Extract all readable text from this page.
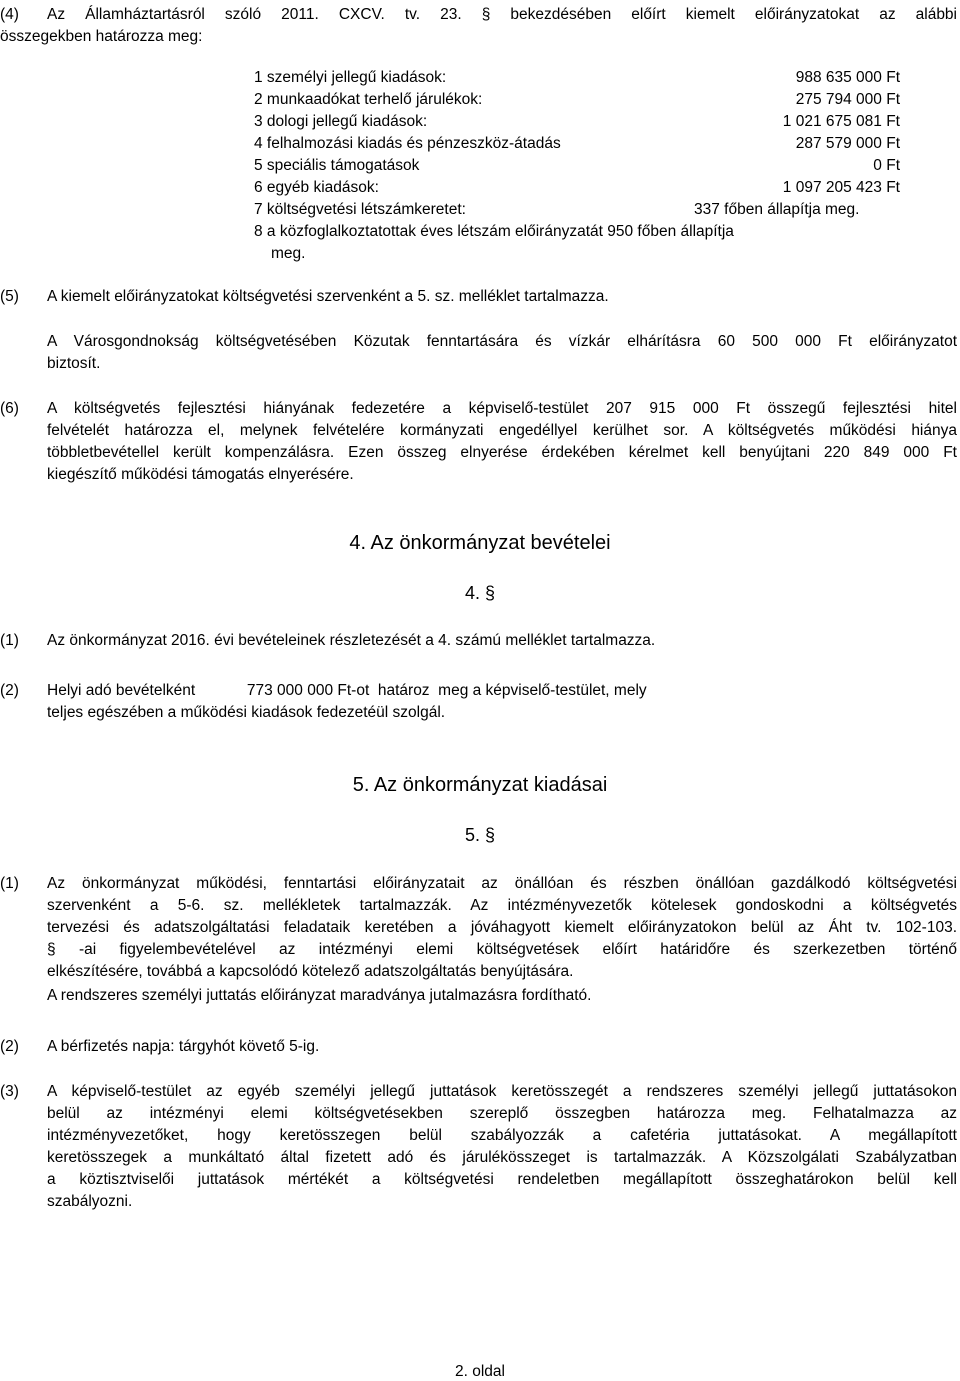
(4) Az Államháztartásról szóló 2011. CXCV. tv. 23. § bekezdésében előírt kiemelt előirányzatokat az alábbi
összegekben határozza meg:
1 személyi jellegű kiadások:	988 635 000 Ft
2 munkaadókat terhelő járulékok:	275 794 000 Ft
3 dologi jellegű kiadások:	1 021 675 081 Ft
4 felhalmozási kiadás és pénzeszköz-átadás	287 579 000 Ft
5 speciális támogatások	0 Ft
6 egyéb kiadások:	1 097 205 423 Ft
7 költségvetési létszámkeretet:	337 főben állapítja meg.
8 a közfoglalkoztatottak éves létszám előirányzatát 950 főben állapítja
meg.
(5) A kiemelt előirányzatokat költségvetési szervenként a 5. sz. melléklet tartalmazza.
A Városgondnokság költségvetésében Közutak fenntartására és vízkár elhárításra 60 500 000 Ft előirányzatot
biztosít.
(6) A költségvetés fejlesztési hiányának fedezetére a képviselő-testület 207 915 000 Ft összegű fejlesztési hitel
felvételét határozza el, melynek felvételére kormányzati engedéllyel kerülhet sor. A költségvetés működési hiánya
többletbevétellel került kompenzálásra. Ezen összeg elnyerése érdekében kérelmet kell benyújtani 220 849 000 Ft
kiegészítő működési támogatás elnyerésére.
4. Az önkormányzat bevételei
4. §
(1) Az önkormányzat 2016. évi bevételeinek részletezését a 4. számú melléklet tartalmazza.
(2) Helyi adó bevételként            773 000 000 Ft-ot  határoz  meg a képviselő-testület, mely
teljes egészében a működési kiadások fedezetéül szolgál.
5. Az önkormányzat kiadásai
5. §
(1) Az önkormányzat működési, fenntartási előirányzatait az önállóan és részben önállóan gazdálkodó költségvetési
szervenként a 5-6. sz. mellékletek tartalmazzák. Az intézményvezetők kötelesek gondoskodni a költségvetés
tervezési és adatszolgáltatási feladataik keretében a jóváhagyott kiemelt előirányzatokon belül az Áht tv. 102-103.
§ -ai figyelembevételével az intézményi elemi költségvetések előírt határidőre és szerkezetben történő
elkészítésére, továbbá a kapcsolódó kötelező adatszolgáltatás benyújtására.
A rendszeres személyi juttatás előirányzat maradványa jutalmazásra fordítható.
(2) A bérfizetés napja: tárgyhót követő 5-ig.
(3) A képviselő-testület az egyéb személyi jellegű juttatások keretösszegét a rendszeres személyi jellegű juttatásokon
belül az intézményi elemi költségvetésekben szereplő összegben határozza meg. Felhatalmazza az
intézményvezetőket, hogy keretösszegen belül szabályozzák a cafetéria juttatásokat. A megállapított
keretösszegek a munkáltató által fizetett adó és járulékösszeget is tartalmazzák. A Közszolgálati Szabályzatban
a köztisztviselői juttatások mértékét a költségvetési rendeletben megállapított összeghatárokon belül kell
szabályozni.
2. oldal
